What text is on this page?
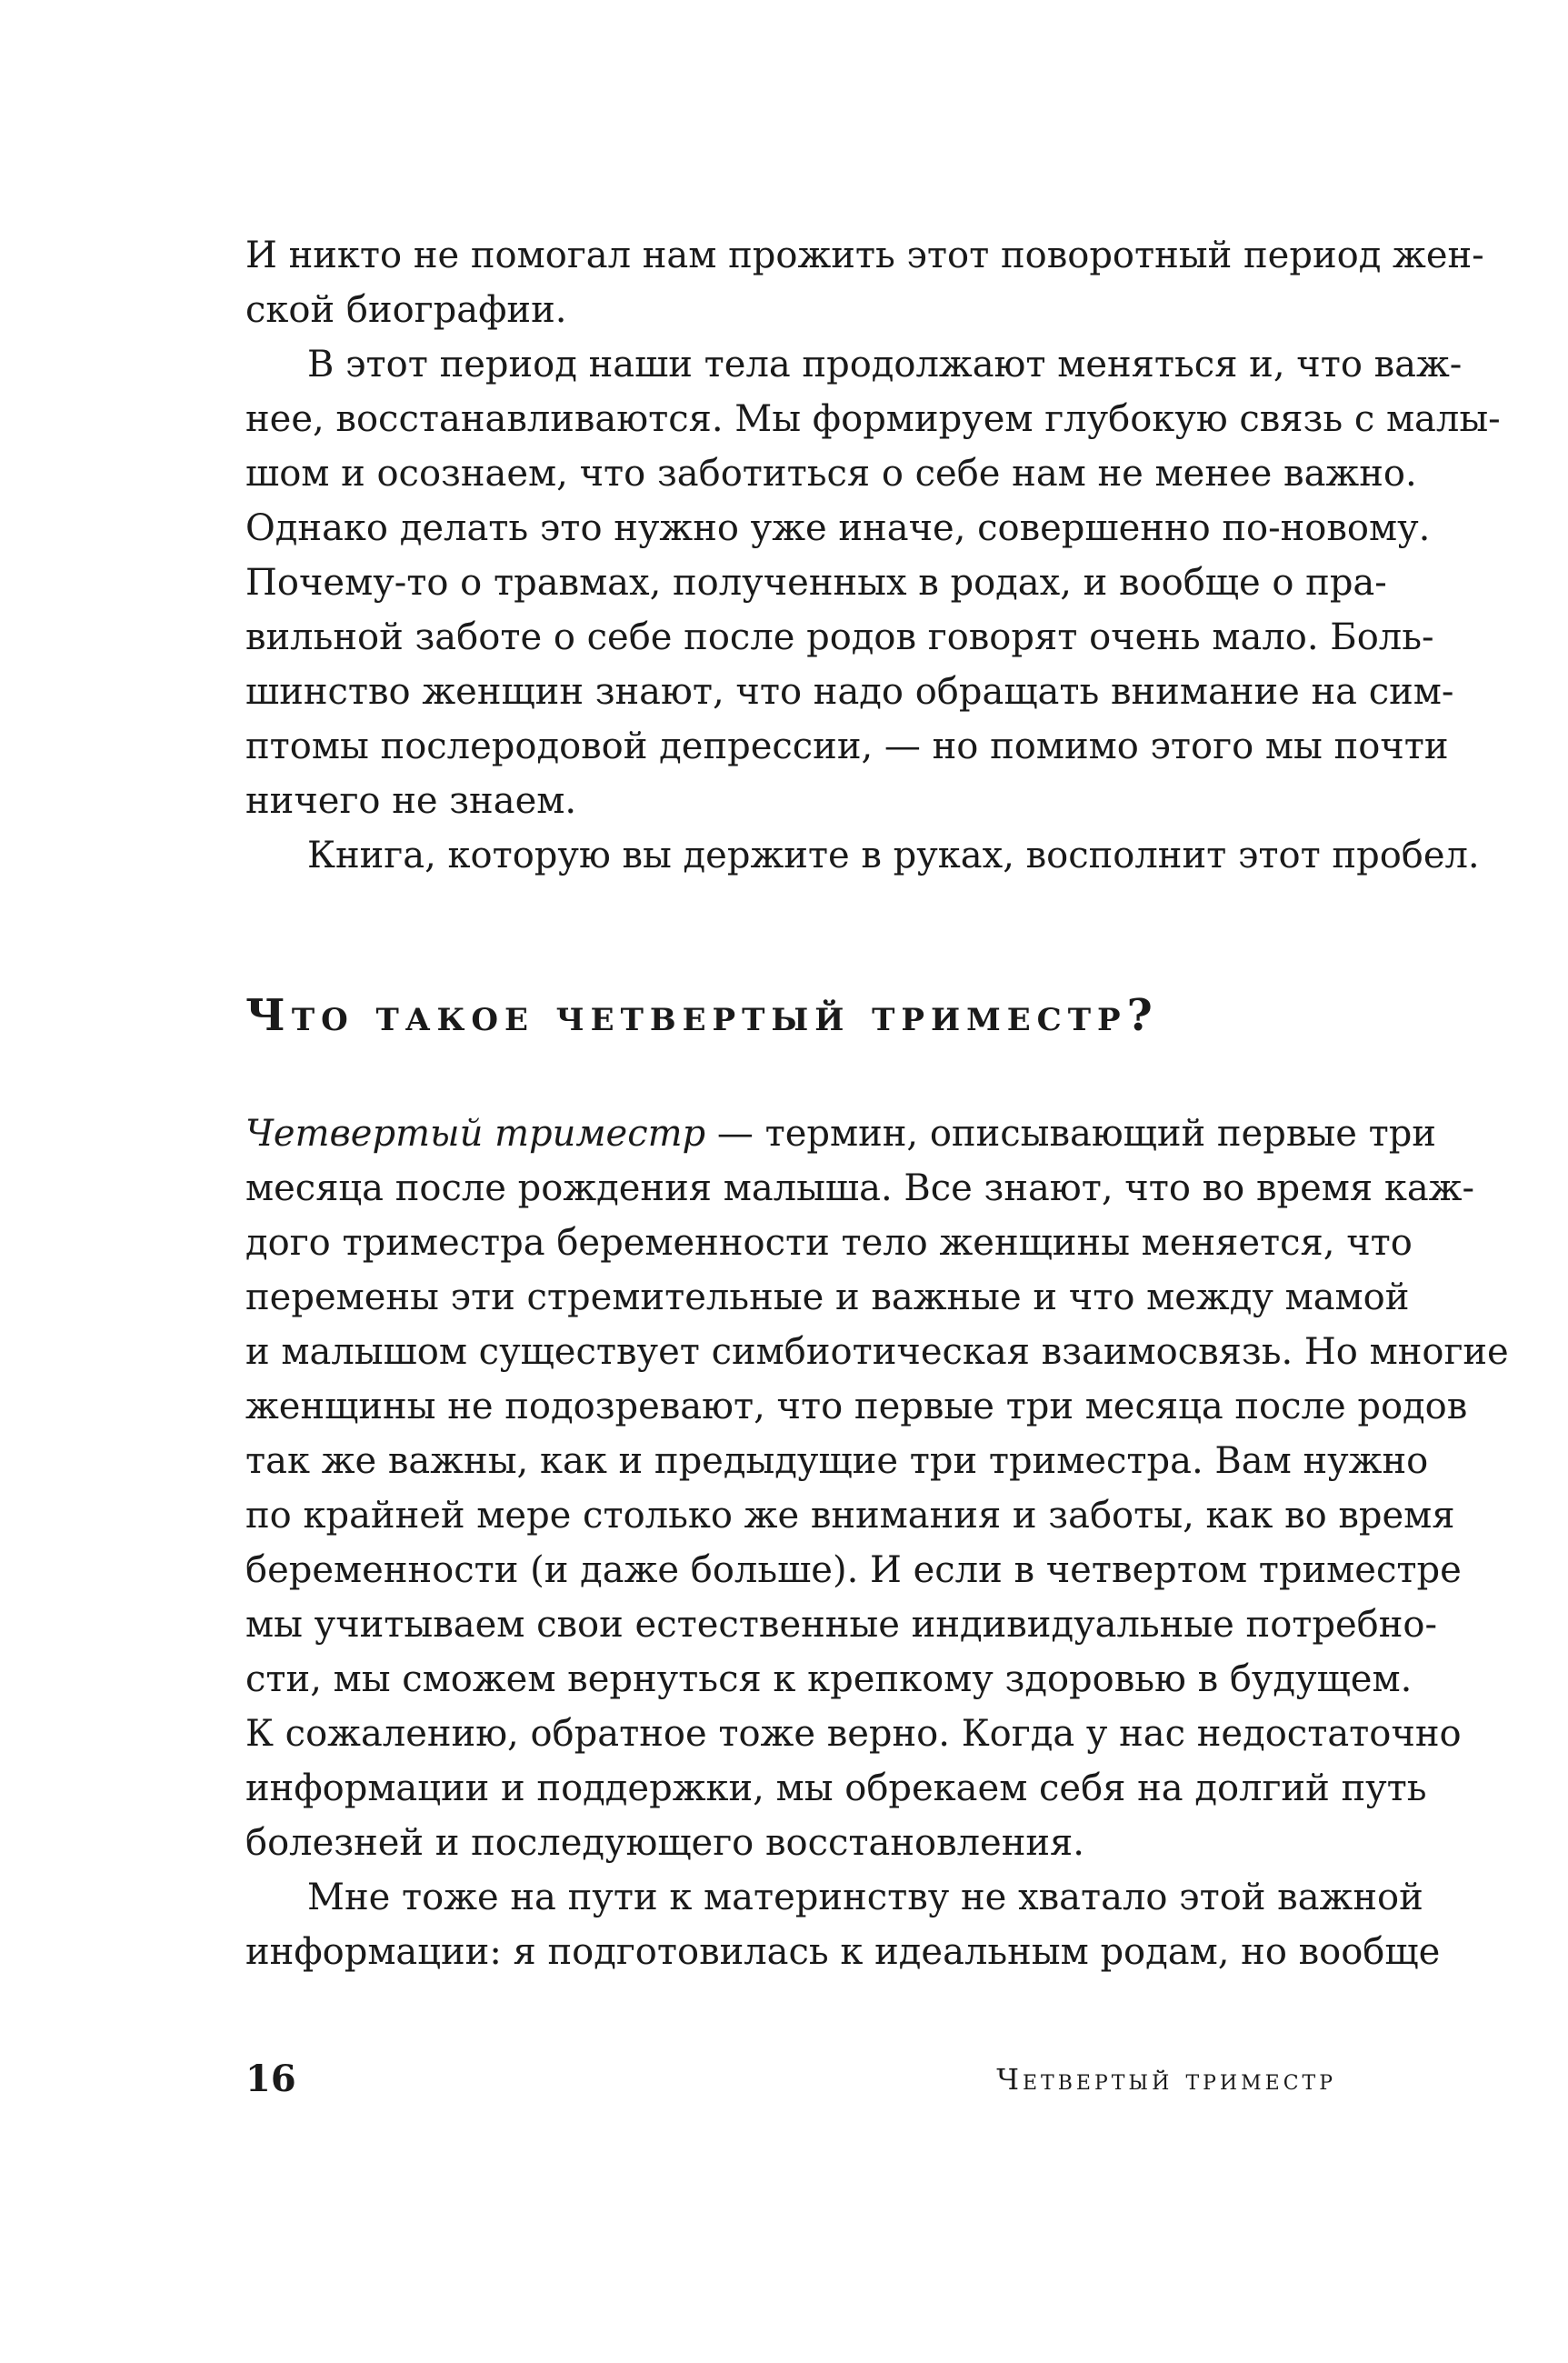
И никто не помогал нам прожить этот поворотный период жен-
ской биографии.
В этот период наши тела продолжают меняться и, что важ-
нее, восстанавливаются. Мы формируем глубокую связь с малы-
шом и осознаем, что заботиться о себе нам не менее важно.
Однако делать это нужно уже иначе, совершенно по-новому.
Почему-то о травмах, полученных в родах, и вообще о пра-
вильной заботе о себе после родов говорят очень мало. Боль-
шинство женщин знают, что надо обращать внимание на сим-
птомы послеродовой депрессии, — но помимо этого мы почти
ничего не знаем.
Книга, которую вы держите в руках, восполнит этот пробел.
Что такое четвертый триместр?
Четвертый триместр — термин, описывающий первые три
месяца после рождения малыша. Все знают, что во время каж-
дого триместра беременности тело женщины меняется, что
перемены эти стремительные и важные и что между мамой
и малышом существует симбиотическая взаимосвязь. Но многие
женщины не подозревают, что первые три месяца после родов
так же важны, как и предыдущие три триместра. Вам нужно
по крайней мере столько же внимания и заботы, как во время
беременности (и даже больше). И если в четвертом триместре
мы учитываем свои естественные индивидуальные потребно-
сти, мы сможем вернуться к крепкому здоровью в будущем.
К сожалению, обратное тоже верно. Когда у нас недостаточно
информации и поддержки, мы обрекаем себя на долгий путь
болезней и последующего восстановления.
Мне тоже на пути к материнству не хватало этой важной
информации: я подготовилась к идеальным родам, но вообще
16	Четвертый триместр
